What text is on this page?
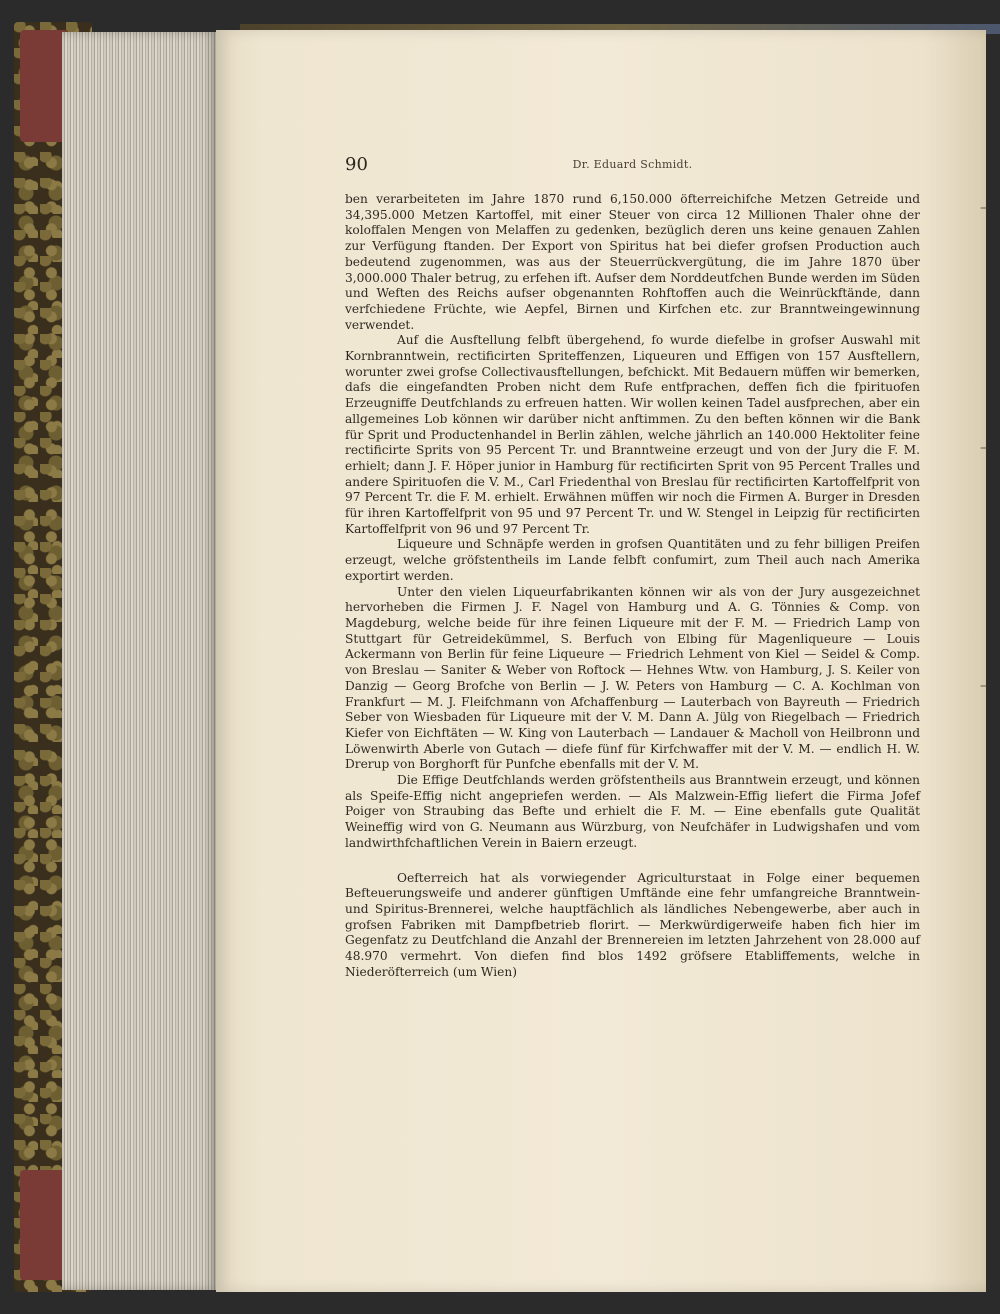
90	Dr. Eduard Schmidt.

ben verarbeiteten im Jahre 1870 rund 6,150.000 öfterreichifche Metzen Getreide und 34,395.000 Metzen Kartoffel, mit einer Steuer von circa 12 Millionen Thaler ohne der koloffalen Mengen von Melaffen zu gedenken, bezüglich deren uns keine genauen Zahlen zur Verfügung ftanden. Der Export von Spiritus hat bei diefer grofsen Production auch bedeutend zugenommen, was aus der Steuerrückvergütung, die im Jahre 1870 über 3,000.000 Thaler betrug, zu erfehen ift. Aufser dem Norddeutfchen Bunde werden im Süden und Weften des Reichs aufser obgenannten Rohftoffen auch die Weinrückftände, dann verfchiedene Früchte, wie Aepfel, Birnen und Kirfchen etc. zur Branntweingewinnung verwendet.

Auf die Ausftellung felbft übergehend, fo wurde diefelbe in grofser Auswahl mit Kornbranntwein, rectificirten Spriteffenzen, Liqueuren und Effigen von 157 Ausftellern, worunter zwei grofse Collectivausftellungen, befchickt. Mit Bedauern müffen wir bemerken, dafs die eingefandten Proben nicht dem Rufe entfprachen, deffen fich die fpirituofen Erzeugniffe Deutfchlands zu erfreuen hatten. Wir wollen keinen Tadel ausfprechen, aber ein allgemeines Lob können wir darüber nicht anftimmen. Zu den beften können wir die Bank für Sprit und Productenhandel in Berlin zählen, welche jährlich an 140.000 Hektoliter feine rectificirte Sprits von 95 Percent Tr. und Branntweine erzeugt und von der Jury die F. M. erhielt; dann J. F. Höper junior in Hamburg für rectificirten Sprit von 95 Percent Tralles und andere Spirituofen die V. M., Carl Friedenthal von Breslau für rectificirten Kartoffelfprit von 97 Percent Tr. die F. M. erhielt. Erwähnen müffen wir noch die Firmen A. Burger in Dresden für ihren Kartoffelfprit von 95 und 97 Percent Tr. und W. Stengel in Leipzig für rectificirten Kartoffelfprit von 96 und 97 Percent Tr.

Liqueure und Schnäpfe werden in grofsen Quantitäten und zu fehr billigen Preifen erzeugt, welche gröfstentheils im Lande felbft confumirt, zum Theil auch nach Amerika exportirt werden.

Unter den vielen Liqueurfabrikanten können wir als von der Jury ausgezeichnet hervorheben die Firmen J. F. Nagel von Hamburg und A. G. Tönnies & Comp. von Magdeburg, welche beide für ihre feinen Liqueure mit der F. M. — Friedrich Lamp von Stuttgart für Getreidekümmel, S. Berfuch von Elbing für Magenliqueure — Louis Ackermann von Berlin für feine Liqueure — Friedrich Lehment von Kiel — Seidel & Comp. von Breslau — Saniter & Weber von Roftock — Hehnes Wtw. von Hamburg, J. S. Keiler von Danzig — Georg Brofche von Berlin — J. W. Peters von Hamburg — C. A. Kochlman von Frankfurt — M. J. Fleifchmann von Afchaffenburg — Lauterbach von Bayreuth — Friedrich Seber von Wiesbaden für Liqueure mit der V. M. Dann A. Jülg von Riegelbach — Friedrich Kiefer von Eichftäten — W. King von Lauterbach — Landauer & Macholl von Heilbronn und Löwenwirth Aberle von Gutach — diefe fünf für Kirfchwaffer mit der V. M. — endlich H. W. Drerup von Borghorft für Punfche ebenfalls mit der V. M.

Die Effige Deutfchlands werden gröfstentheils aus Branntwein erzeugt, und können als Speife-Effig nicht angepriefen werden. — Als Malzwein-Effig liefert die Firma Jofef Poiger von Straubing das Befte und erhielt die F. M. — Eine ebenfalls gute Qualität Weineffig wird von G. Neumann aus Würzburg, von Neufchäfer in Ludwigshafen und vom landwirthfchaftlichen Verein in Baiern erzeugt.

Oefterreich hat als vorwiegender Agriculturstaat in Folge einer bequemen Befteuerungsweife und anderer günftigen Umftände eine fehr umfangreiche Branntwein- und Spiritus-Brennerei, welche hauptfächlich als ländliches Nebengewerbe, aber auch in grofsen Fabriken mit Dampfbetrieb florirt. — Merkwürdigerweife haben fich hier im Gegenfatz zu Deutfchland die Anzahl der Brennereien im letzten Jahrzehent von 28.000 auf 48.970 vermehrt. Von diefen find blos 1492 gröfsere Etabliffements, welche in Niederöfterreich (um Wien)

–
–
–
